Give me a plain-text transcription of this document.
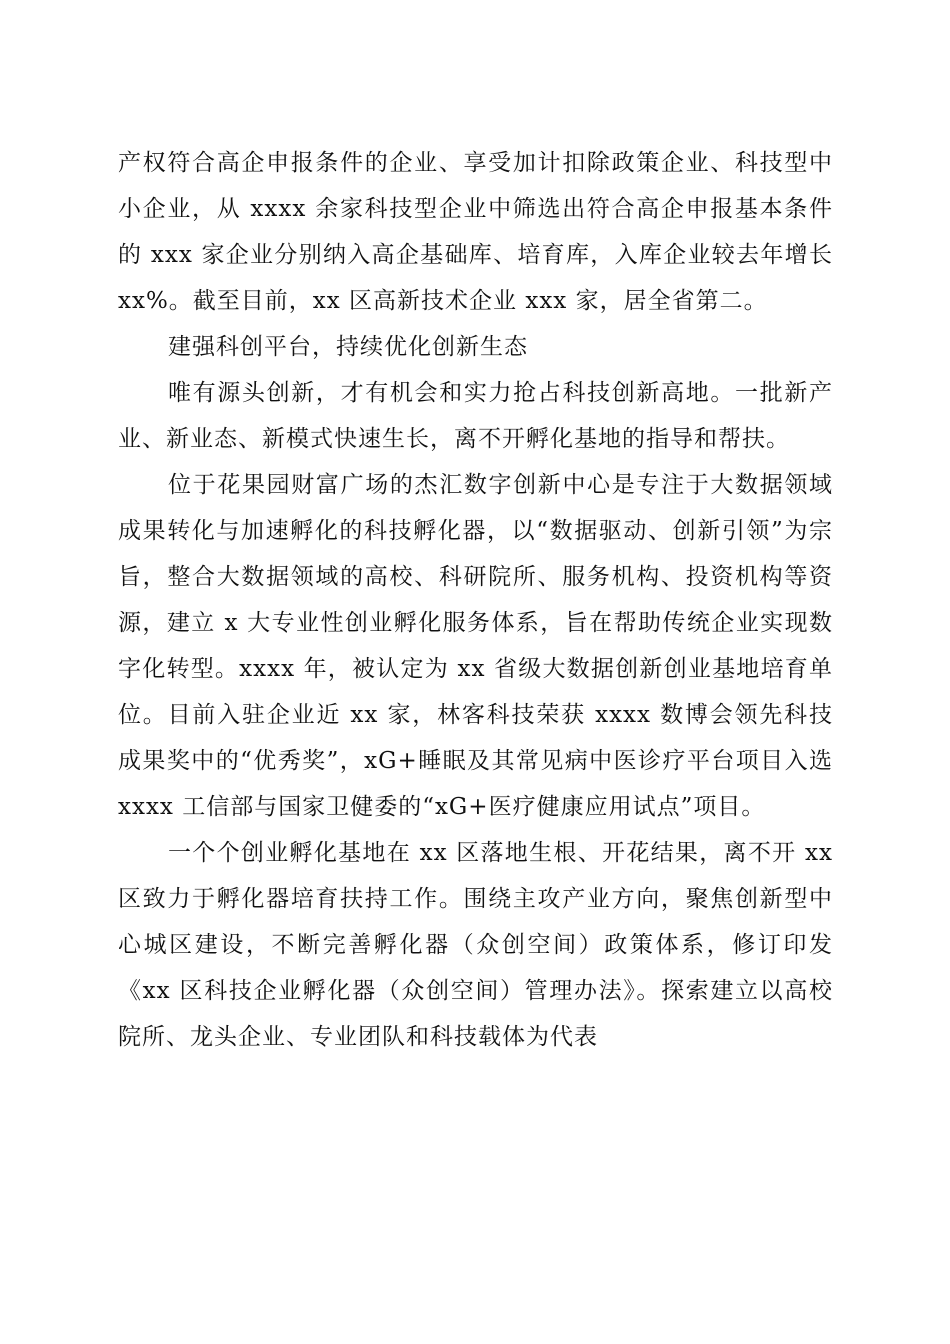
产权符合高企申报条件的企业、享受加计扣除政策企业、科技型中小企业，从 xxxx 余家科技型企业中筛选出符合高企申报基本条件的 xxx 家企业分别纳入高企基础库、培育库，入库企业较去年增长 xx%。截至目前，xx 区高新技术企业 xxx 家，居全省第二。

建强科创平台，持续优化创新生态

唯有源头创新，才有机会和实力抢占科技创新高地。一批新产业、新业态、新模式快速生长，离不开孵化基地的指导和帮扶。

位于花果园财富广场的杰汇数字创新中心是专注于大数据领域成果转化与加速孵化的科技孵化器，以“数据驱动、创新引领”为宗旨，整合大数据领域的高校、科研院所、服务机构、投资机构等资源，建立 x 大专业性创业孵化服务体系，旨在帮助传统企业实现数字化转型。xxxx 年，被认定为 xx 省级大数据创新创业基地培育单位。目前入驻企业近 xx 家，林客科技荣获 xxxx 数博会领先科技成果奖中的“优秀奖”，xG+睡眠及其常见病中医诊疗平台项目入选 xxxx 工信部与国家卫健委的“xG+医疗健康应用试点”项目。

一个个创业孵化基地在 xx 区落地生根、开花结果，离不开 xx 区致力于孵化器培育扶持工作。围绕主攻产业方向，聚焦创新型中心城区建设，不断完善孵化器（众创空间）政策体系，修订印发《xx 区科技企业孵化器（众创空间）管理办法》。探索建立以高校院所、龙头企业、专业团队和科技载体为代表
